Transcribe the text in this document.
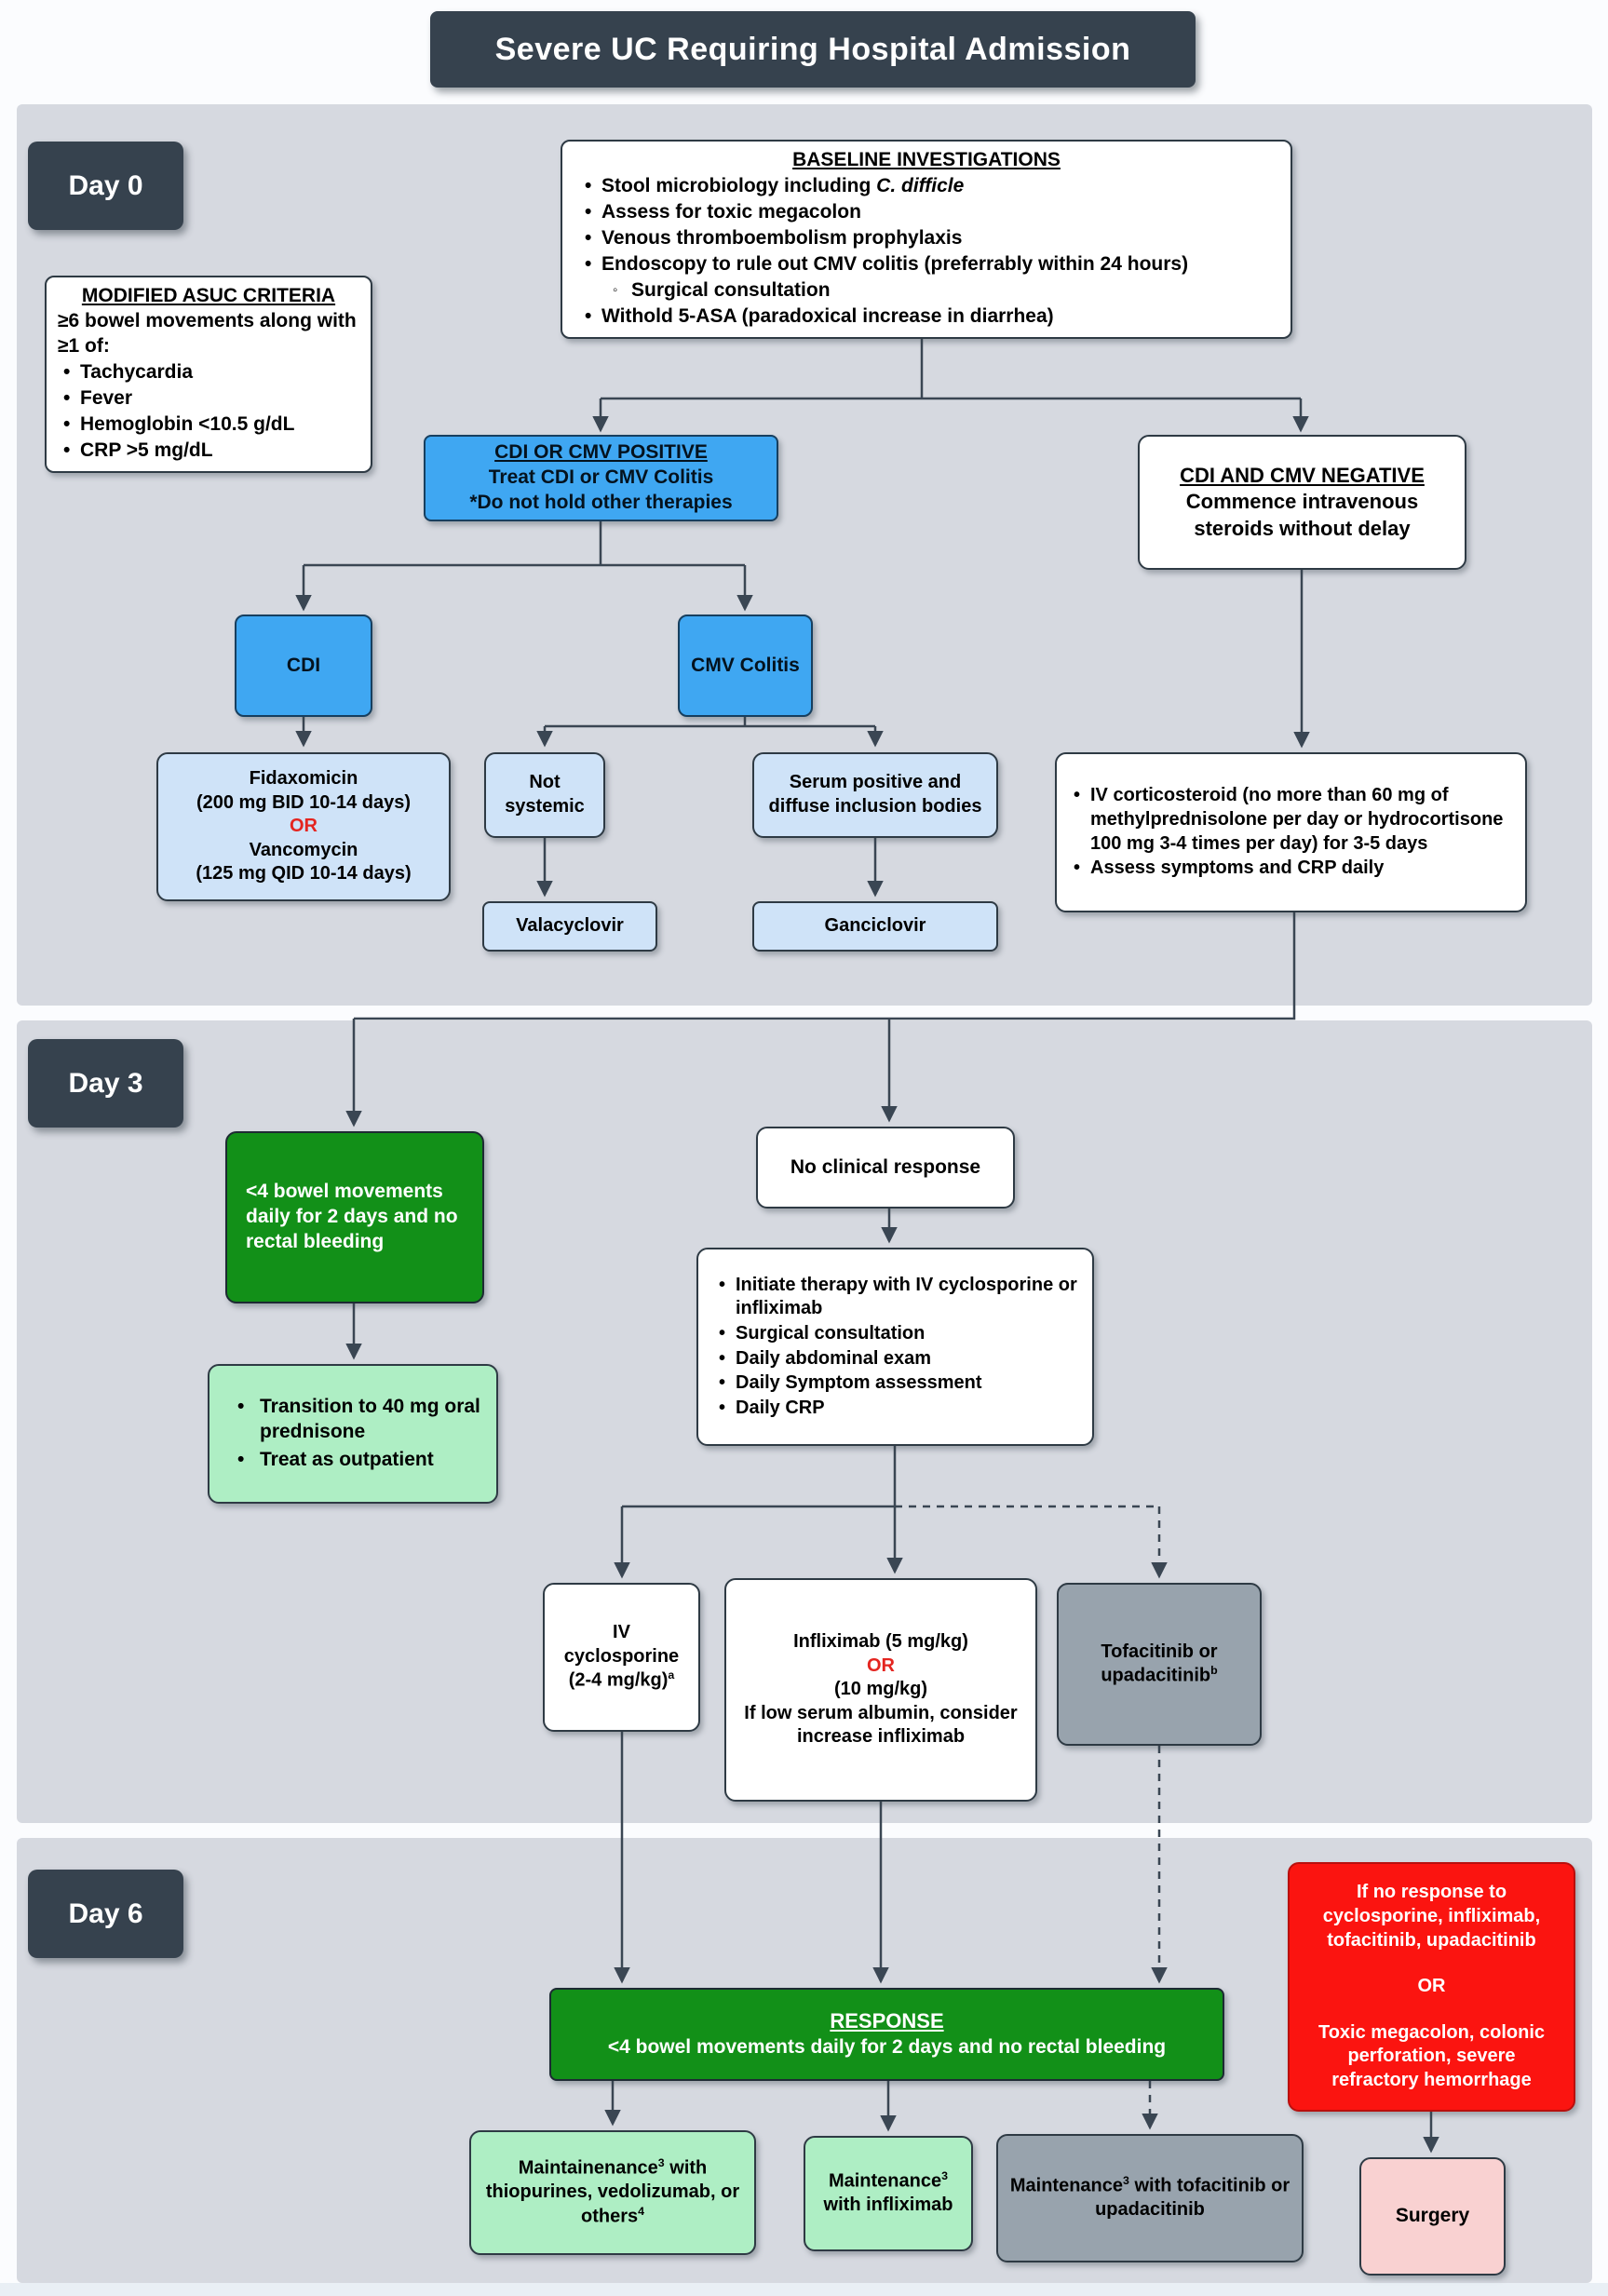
Severe UC Requiring Hospital Admission
Day 0
BASELINE INVESTIGATIONS
• Stool microbiology including C. difficle
• Assess for toxic megacolon
• Venous thromboembolism prophylaxis
• Endoscopy to rule out CMV colitis (preferrably within 24 hours)
◦ Surgical consultation
• Withold 5-ASA (paradoxical increase in diarrhea)
MODIFIED ASUC CRITERIA
≥6 bowel movements along with ≥1 of:
• Tachycardia
• Fever
• Hemoglobin <10.5 g/dL
• CRP >5 mg/dL	CDI OR CMV POSITIVE
Treat CDI or CMV Colitis
*Do not hold other therapies
CDI AND CMV NEGATIVE
Commence intravenous steroids without delay
CDI	CMV Colitis
Fidaxomicin
(200 mg BID 10-14 days)
OR
Vancomycin
(125 mg QID 10-14 days)
Not systemic
Serum positive and diffuse inclusion bodies
Valacyclovir	Ganciclovir
• IV corticosteroid (no more than 60 mg of methylprednisolone per day or hydrocortisone 100 mg 3-4 times per day) for 3-5 days
• Assess symptoms and CRP daily
Day 3
<4 bowel movements daily for 2 days and no rectal bleeding
No clinical response
• Initiate therapy with IV cyclosporine or infliximab
• Surgical consultation
• Daily abdominal exam
• Daily Symptom assessment
• Daily CRP
• Transition to 40 mg oral prednisone
• Treat as outpatient
IV
cyclosporine
(2-4 mg/kg)$^a$
Infliximab (5 mg/kg)
OR
(10 mg/kg)
If low serum albumin, consider increase infliximab
Tofacitinib or upadacitinib$^b$
Day 6
If no response to cyclosporine, infliximab, tofacitinib, upadacitinib
OR
Toxic megacolon, colonic perforation, severe refractory hemorrhage
RESPONSE
<4 bowel movements daily for 2 days and no rectal bleeding
Maintainenance$^3$ with thiopurines, vedolizumab, or others$^4$
Maintenance$^3$ with infliximab
Maintenance$^3$ with tofacitinib or upadacitinib	Surgery
